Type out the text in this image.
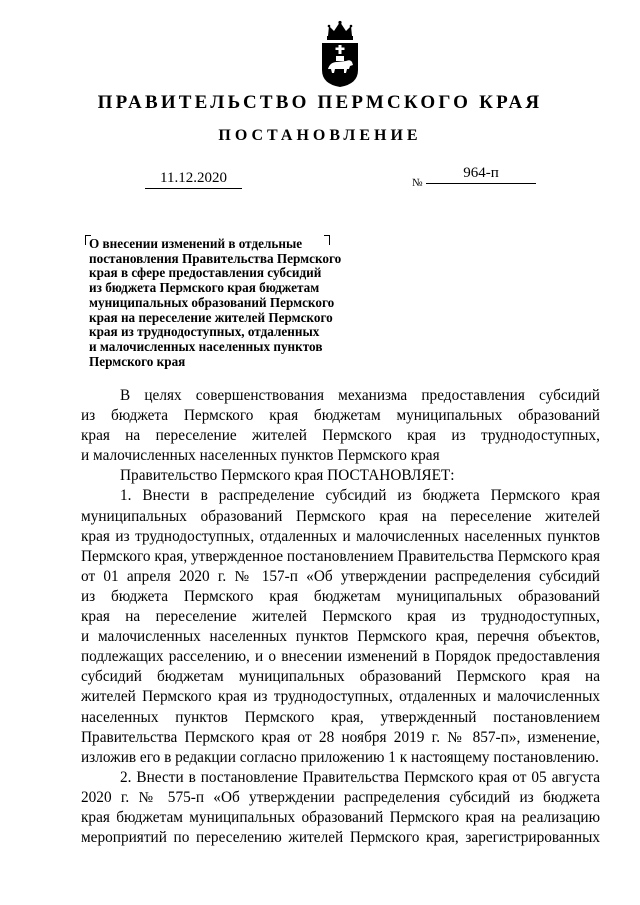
ПРАВИТЕЛЬСТВО ПЕРМСКОГО КРАЯ
ПОСТАНОВЛЕНИЕ
11.12.2020	№
964-п
О внесении изменений в отдельные
постановления Правительства Пермского
края в сфере предоставления субсидий
из бюджета Пермского края бюджетам
муниципальных образований Пермского
края на переселение жителей Пермского
края из труднодоступных, отдаленных
и малочисленных населенных пунктов
Пермского края
В целях совершенствования механизма предоставления субсидий
из бюджета Пермского края бюджетам муниципальных образований
края на переселение жителей Пермского края из труднодоступных,
и малочисленных населенных пунктов Пермского края
Правительство Пермского края ПОСТАНОВЛЯЕТ:
1. Внести в распределение субсидий из бюджета Пермского края
муниципальных образований Пермского края на переселение жителей
края из труднодоступных, отдаленных и малочисленных населенных пунктов
Пермского края, утвержденное постановлением Правительства Пермского края
от 01 апреля 2020 г. № 157-п «Об утверждении распределения субсидий
из бюджета Пермского края бюджетам муниципальных образований
края на переселение жителей Пермского края из труднодоступных,
и малочисленных населенных пунктов Пермского края, перечня объектов,
подлежащих расселению, и о внесении изменений в Порядок предоставления
субсидий бюджетам муниципальных образований Пермского края на
жителей Пермского края из труднодоступных, отдаленных и малочисленных
населенных пунктов Пермского края, утвержденный постановлением
Правительства Пермского края от 28 ноября 2019 г. № 857-п», изменение,
изложив его в редакции согласно приложению 1 к настоящему постановлению.
2. Внести в постановление Правительства Пермского края от 05 августа
2020 г. № 575-п «Об утверждении распределения субсидий из бюджета
края бюджетам муниципальных образований Пермского края на реализацию
мероприятий по переселению жителей Пермского края, зарегистрированных
